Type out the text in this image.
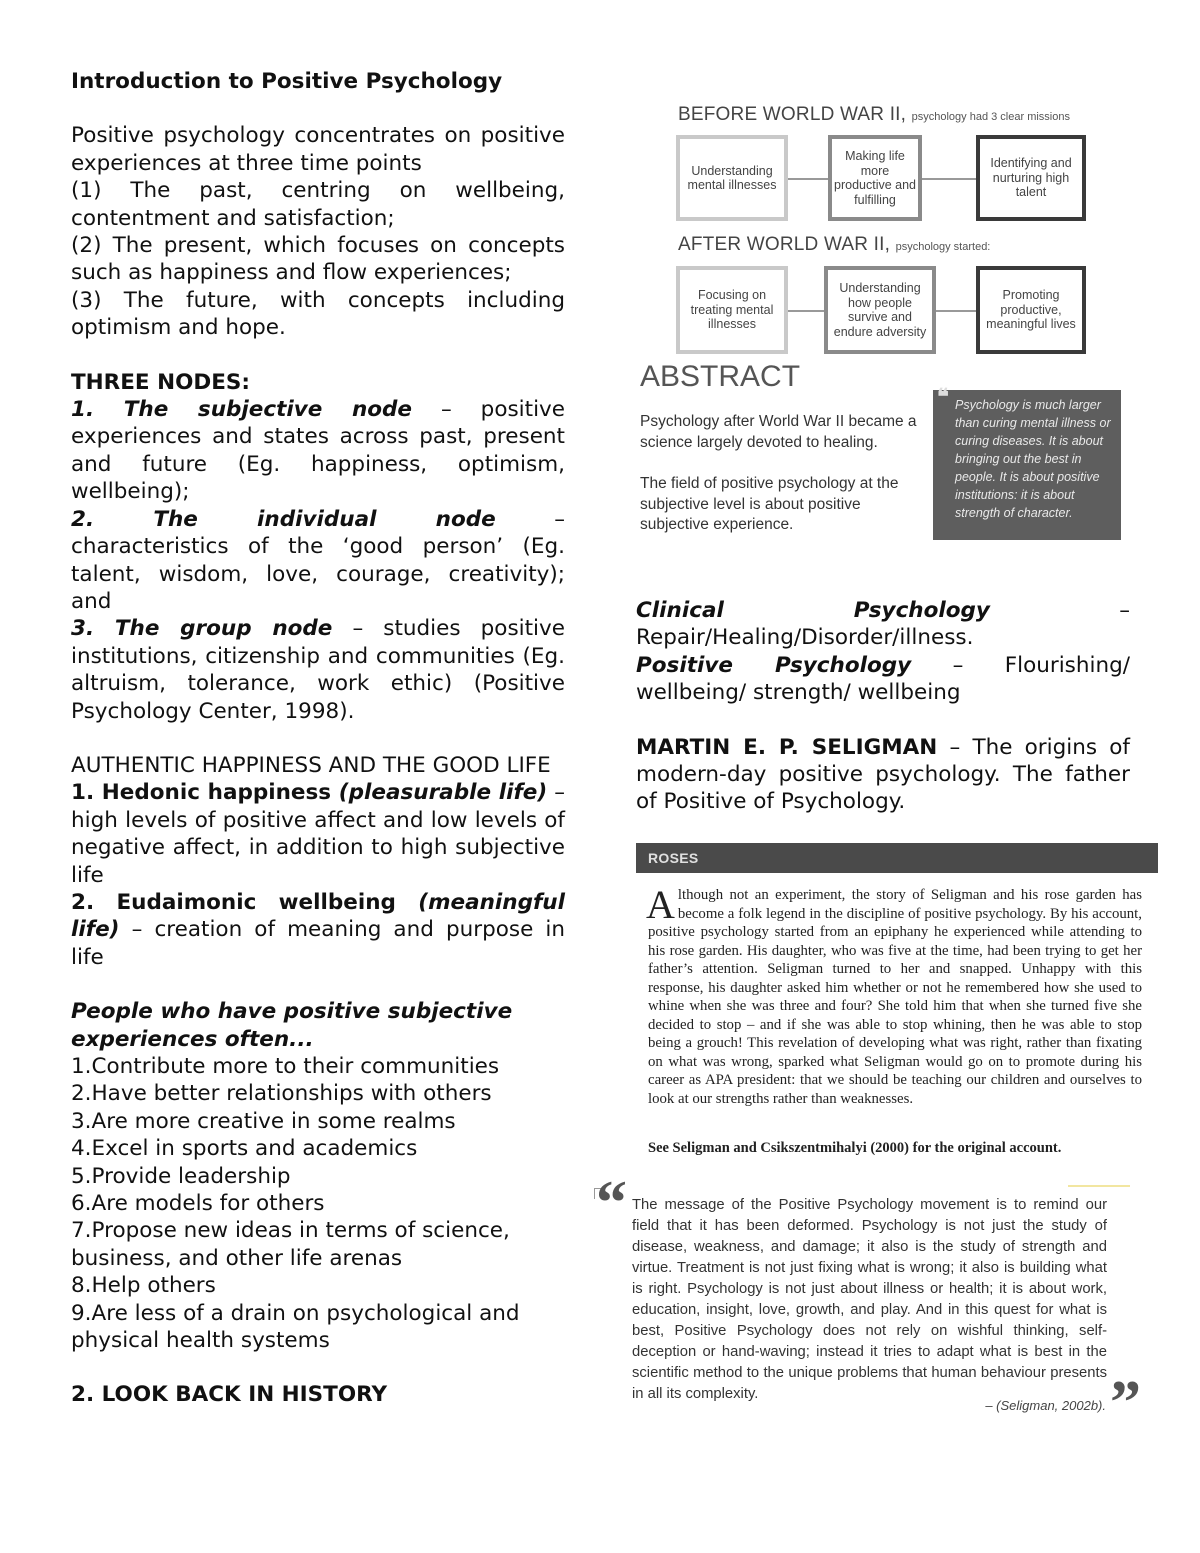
Introduction to Positive Psychology

Positive psychology concentrates on positive experiences at three time points

(1) The past, centring on wellbeing, contentment and satisfaction;

(2) The present, which focuses on concepts such as happiness and flow experiences;

(3) The future, with concepts including optimism and hope.

THREE NODES:

1. The subjective node – positive experiences and states across past, present and future (Eg. happiness, optimism, wellbeing);

2. The individual node	–

characteristics of the ‘good person’ (Eg. talent, wisdom, love, courage, creativity); and

3. The group node – studies positive institutions, citizenship and communities (Eg. altruism, tolerance, work ethic) (Positive Psychology Center, 1998).

AUTHENTIC HAPPINESS AND THE GOOD LIFE

1. Hedonic happiness (pleasurable life) – high levels of positive affect and low levels of negative affect, in addition to high subjective life

2. Eudaimonic wellbeing (meaningful life) – creation of meaning and purpose in life

People who have positive subjective experiences often...

1.Contribute more to their communities

2.Have better relationships with others

3.Are more creative in some realms

4.Excel in sports and academics

5.Provide leadership

6.Are models for others

7.Propose new ideas in terms of science, business, and other life arenas

8.Help others

9.Are less of a drain on psychological and physical health systems

2. LOOK BACK IN HISTORY

BEFORE WORLD WAR II, psychology had 3 clear missions
Understanding mental illnesses
Making life more productive and fulfilling
Identifying and nurturing high talent
AFTER WORLD WAR II, psychology started:
Focusing on treating mental illnesses
Understanding how people survive and endure adversity
Promoting productive, meaningful lives
ABSTRACT
Psychology after World War II became a science largely devoted to healing.
The field of positive psychology at the subjective level is about positive subjective experience.
❝ Psychology is much larger than curing mental illness or curing diseases. It is about bringing out the best in people. It is about positive institutions: it is about strength of character.

Clinical Psychology	–

Repair/Healing/Disorder/illness.

Positive Psychology – Flourishing/ wellbeing/ strength/ wellbeing

MARTIN E. P. SELIGMAN – The origins of modern-day positive psychology. The father of Positive of Psychology.

ROSES
Although not an experiment, the story of Seligman and his rose garden has become a folk legend in the discipline of positive psychology. By his account, positive psychology started from an epiphany he experienced while attending to his rose garden. His daughter, who was five at the time, had been trying to get her father’s attention. Seligman turned to her and snapped. Unhappy with this response, his daughter asked him whether or not he remembered how she used to whine when she was three and four? She told him that when she turned five she decided to stop – and if she was able to stop whining, then he was able to stop being a grouch! This revelation of developing what was right, rather than fixating on what was wrong, sparked what Seligman would go on to promote during his career as APA president: that we should be teaching our children and ourselves to look at our strengths rather than weaknesses.
See Seligman and Csikszentmihalyi (2000) for the original account.
“ The message of the Positive Psychology movement is to remind our field that it has been deformed. Psychology is not just the study of disease, weakness, and damage; it also is the study of strength and virtue. Treatment is not just fixing what is wrong; it also is building what is right. Psychology is not just about illness or health; it is about work, education, insight, love, growth, and play. And in this quest for what is best, Positive Psychology does not rely on wishful thinking, self-deception or hand-waving; instead it tries to adapt what is best in the scientific method to the unique problems that human behaviour presents in all its complexity.
– (Seligman, 2002b). ”
